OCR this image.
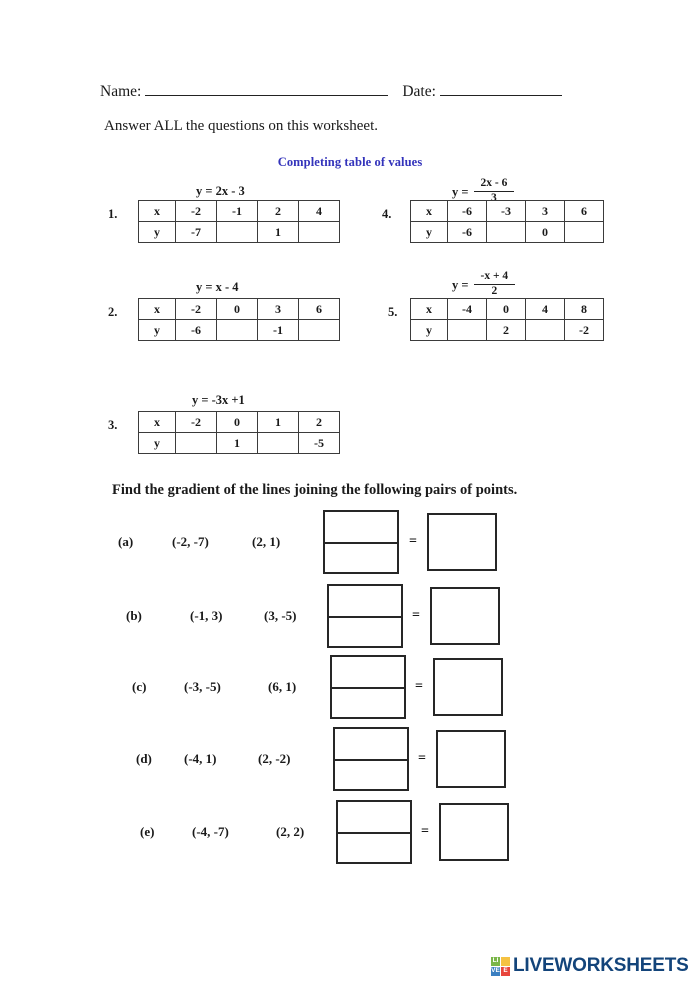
Name:	Date:
Answer ALL the questions on this worksheet.
Completing table of values
1.
y = 2x - 3
x	-2	-1	2	4
y	-7		1	
2.
y = x - 4
x	-2	0	3	6
y	-6		-1	
3.
y = -3x +1
x	-2	0	1	2
y		1		-5
4.
$y = \frac{2x - 6}{3}$
x	-6	-3	3	6
y	-6		0	
5.
$y = \frac{-x + 4}{2}$
x	-4	0	4	8
y		2		-2
Find the gradient of the lines joining the following pairs of points.
(a)	(-2, -7)	(2, 1)	=
(b)	(-1, 3)	(3, -5)	=
(c)	(-3, -5)	(6, 1)	=
(d) (-4, 1)	(2, -2)	=
(e)	(-4, -7)	(2, 2)	=
LI
VE E LIVEWORKSHEETS
